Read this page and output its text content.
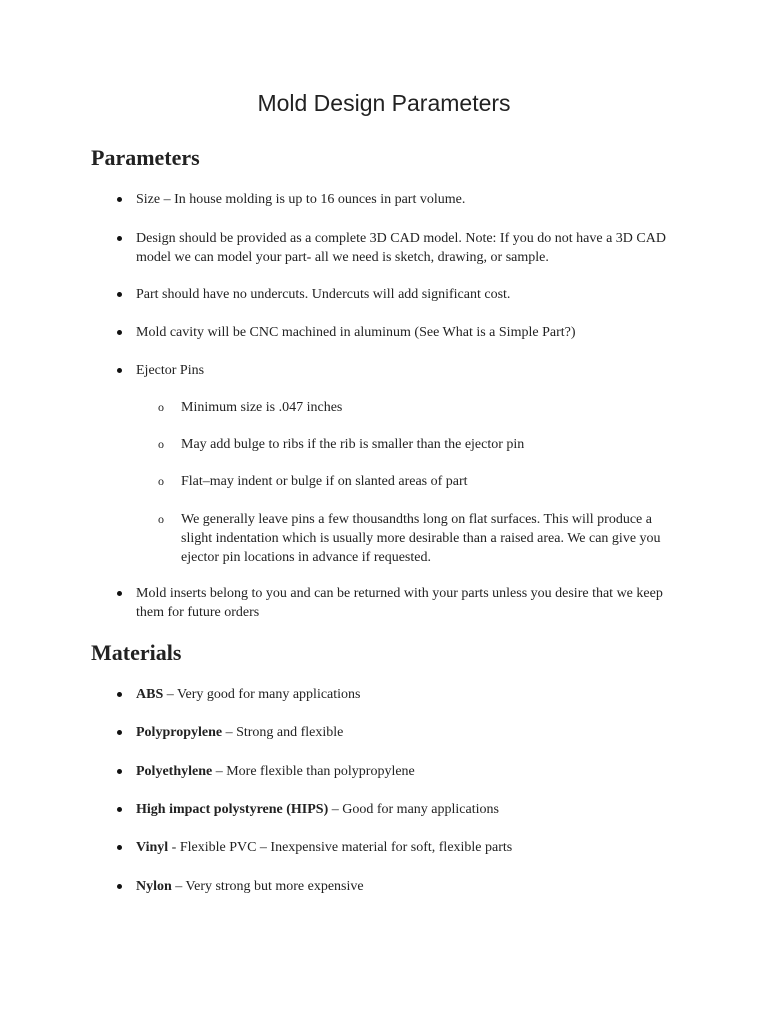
Mold Design Parameters
Parameters
Size – In house molding is up to 16 ounces in part volume.
Design should be provided as a complete 3D CAD model. Note: If you do not have a 3D CAD model we can model your part- all we need is sketch, drawing, or sample.
Part should have no undercuts. Undercuts will add significant cost.
Mold cavity will be CNC machined in aluminum (See What is a Simple Part?)
Ejector Pins
o Minimum size is .047 inches
o May add bulge to ribs if the rib is smaller than the ejector pin
o Flat–may indent or bulge if on slanted areas of part
o We generally leave pins a few thousandths long on flat surfaces. This will produce a slight indentation which is usually more desirable than a raised area. We can give you ejector pin locations in advance if requested.
Mold inserts belong to you and can be returned with your parts unless you desire that we keep them for future orders
Materials
ABS – Very good for many applications
Polypropylene – Strong and flexible
Polyethylene – More flexible than polypropylene
High impact polystyrene (HIPS) – Good for many applications
Vinyl - Flexible PVC – Inexpensive material for soft, flexible parts
Nylon – Very strong but more expensive
